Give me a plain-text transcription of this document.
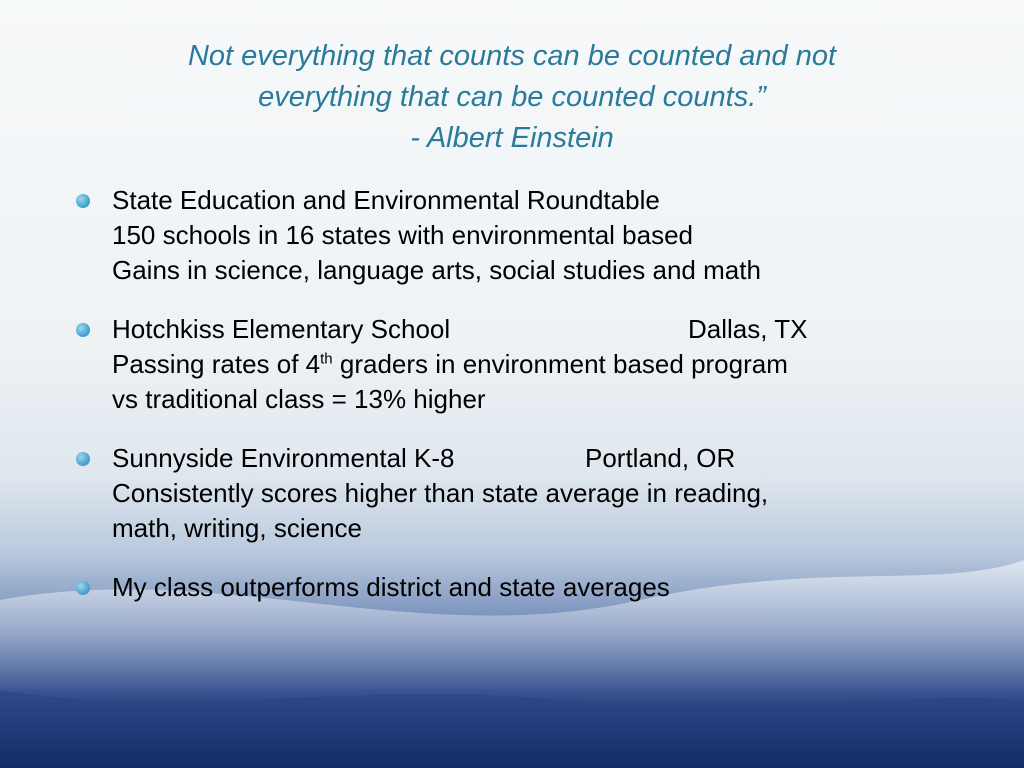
Not everything that counts can be counted and not
everything that can be counted counts.”
- Albert Einstein
State Education and Environmental Roundtable
150 schools in 16 states with environmental based
Gains in science, language arts, social studies and math
Hotchkiss Elementary School	Dallas, TX
Passing rates of 4th graders in environment based program
vs traditional class = 13% higher
Sunnyside Environmental K-8	Portland, OR
Consistently scores higher than state average in reading,
math, writing, science
My class outperforms district and state averages
